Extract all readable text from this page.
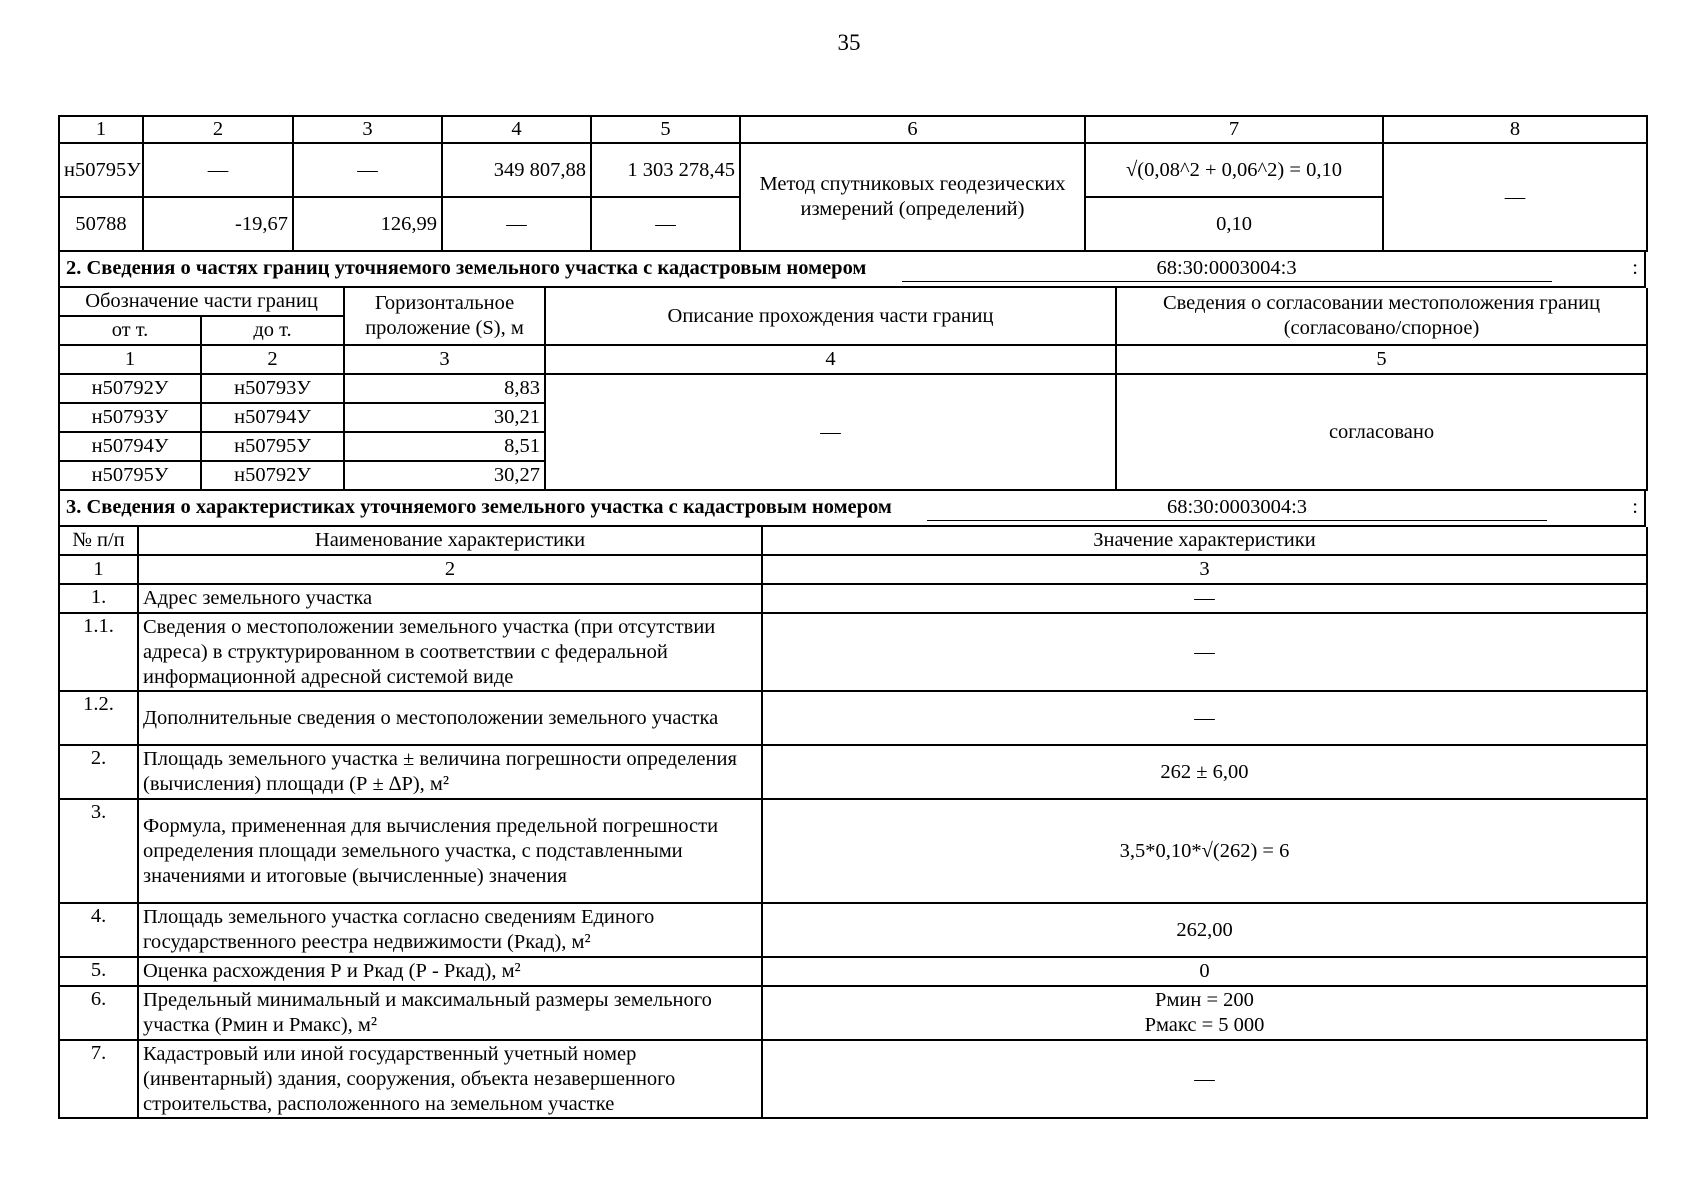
35
1	2	3	4	5	6	7	8
н50795У	—	—	349 807,88	1 303 278,45	Метод спутниковых геодезических измерений (определений)	√(0,08^2 + 0,06^2) = 0,10	—
50788	-19,67	126,99	—	—		0,10	
2. Сведения о частях границ уточняемого земельного участка с кадастровым номером	68:30:0003004:3	:
Обозначение части границ		Горизонтальное проложение (S), м	Описание прохождения части границ	Сведения о согласовании местоположения границ (согласовано/спорное)
от т.	до т.			
1	2	3	4	5
н50792У	н50793У	8,83	—	согласовано
н50793У	н50794У	30,21		
н50794У	н50795У	8,51		
н50795У	н50792У	30,27		
3. Сведения о характеристиках уточняемого земельного участка с кадастровым номером	68:30:0003004:3	:
№ п/п	Наименование характеристики	Значение характеристики
1	2	3
1.	Адрес земельного участка	—
1.1.	Сведения о местоположении земельного участка (при отсутствии адреса) в структурированном в соответствии с федеральной информационной адресной системой виде	—
1.2.	Дополнительные сведения о местоположении земельного участка	—
2.	Площадь земельного участка ± величина погрешности определения (вычисления) площади (Р ± ∆Р), м²	262 ± 6,00
3.	Формула, примененная для вычисления предельной погрешности определения площади земельного участка, с подставленными значениями и итоговые (вычисленные) значения	3,5*0,10*√(262) = 6
4.	Площадь земельного участка согласно сведениям Единого государственного реестра недвижимости (Ркад), м²	262,00
5.	Оценка расхождения Р и Ркад (Р - Ркад), м²	0
6.	Предельный минимальный и максимальный размеры земельного участка (Рмин и Рмакс), м²	Рмин = 200
Рмакс = 5 000

7.	Кадастровый или иной государственный учетный номер (инвентарный) здания, сооружения, объекта незавершенного строительства, расположенного на земельном участке	—
